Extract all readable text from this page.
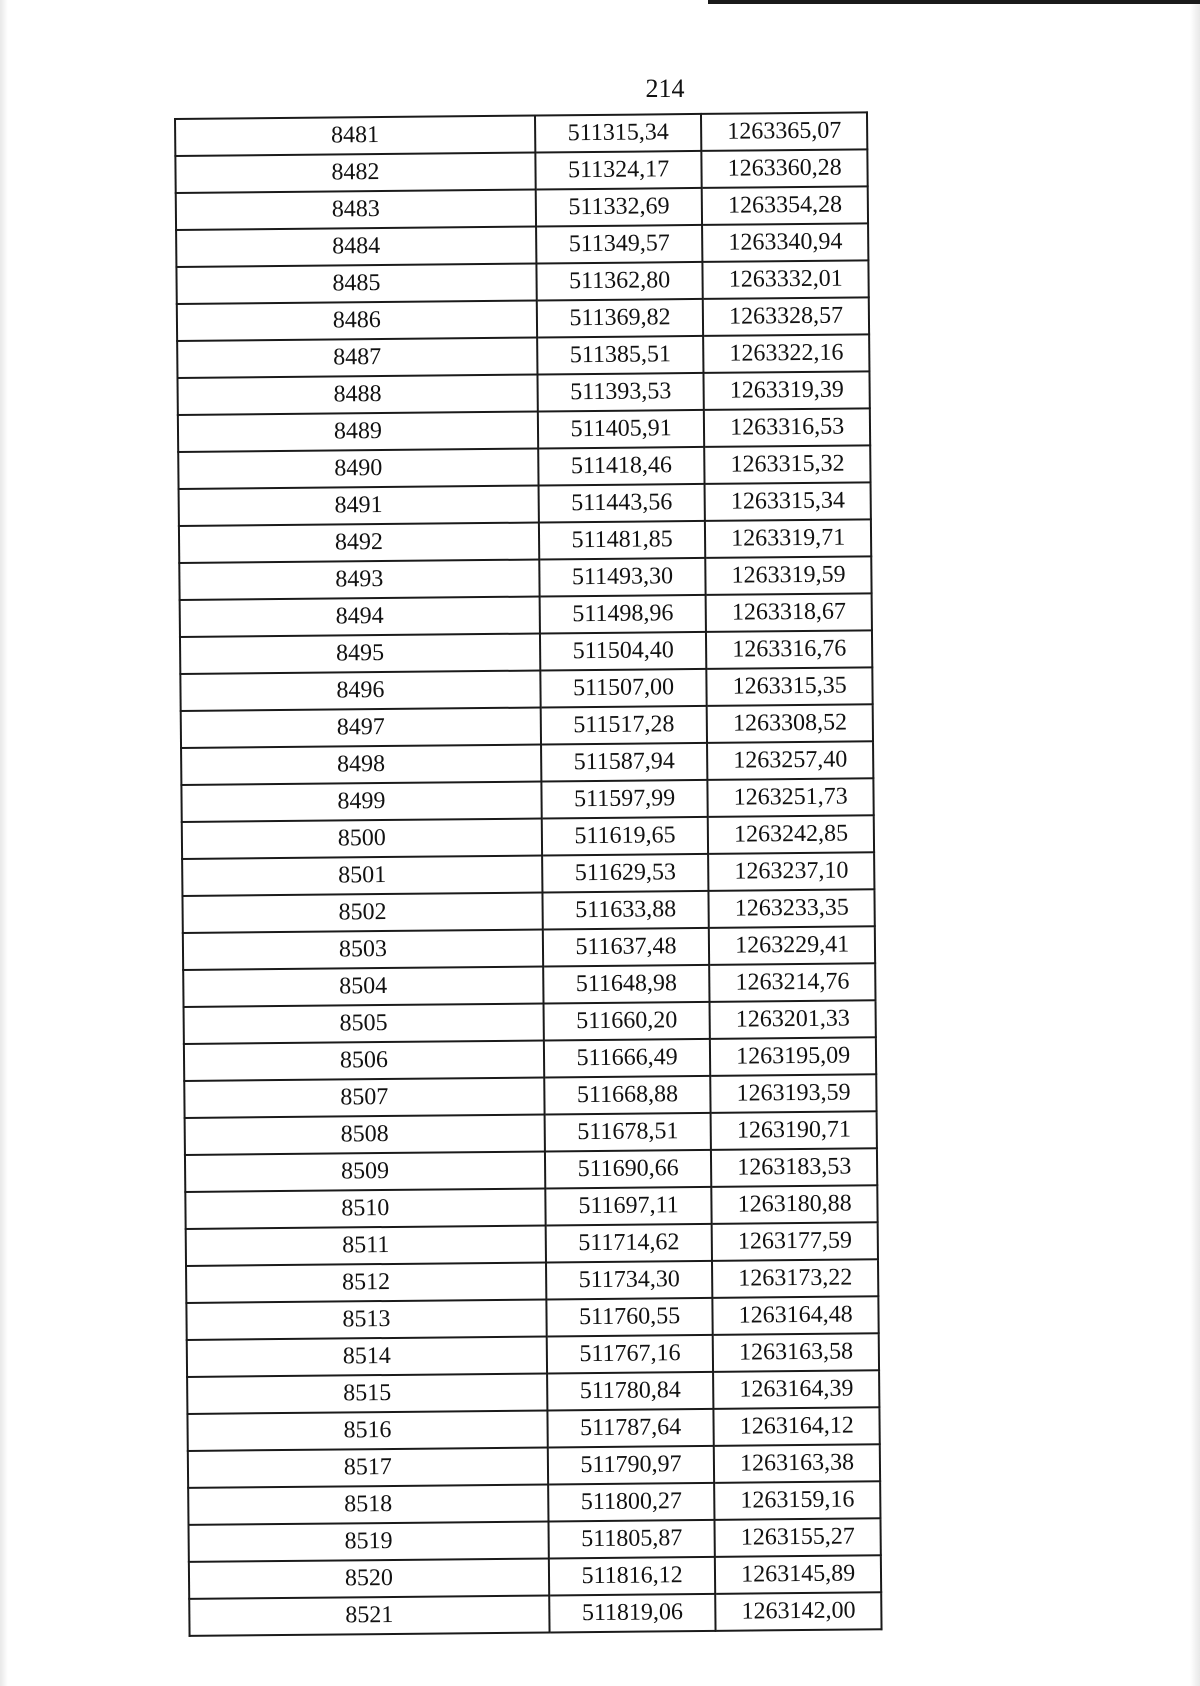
214
8481	511315,34	1263365,07
8482	511324,17	1263360,28
8483	511332,69	1263354,28
8484	511349,57	1263340,94
8485	511362,80	1263332,01
8486	511369,82	1263328,57
8487	511385,51	1263322,16
8488	511393,53	1263319,39
8489	511405,91	1263316,53
8490	511418,46	1263315,32
8491	511443,56	1263315,34
8492	511481,85	1263319,71
8493	511493,30	1263319,59
8494	511498,96	1263318,67
8495	511504,40	1263316,76
8496	511507,00	1263315,35
8497	511517,28	1263308,52
8498	511587,94	1263257,40
8499	511597,99	1263251,73
8500	511619,65	1263242,85
8501	511629,53	1263237,10
8502	511633,88	1263233,35
8503	511637,48	1263229,41
8504	511648,98	1263214,76
8505	511660,20	1263201,33
8506	511666,49	1263195,09
8507	511668,88	1263193,59
8508	511678,51	1263190,71
8509	511690,66	1263183,53
8510	511697,11	1263180,88
8511	511714,62	1263177,59
8512	511734,30	1263173,22
8513	511760,55	1263164,48
8514	511767,16	1263163,58
8515	511780,84	1263164,39
8516	511787,64	1263164,12
8517	511790,97	1263163,38
8518	511800,27	1263159,16
8519	511805,87	1263155,27
8520	511816,12	1263145,89
8521	511819,06	1263142,00
